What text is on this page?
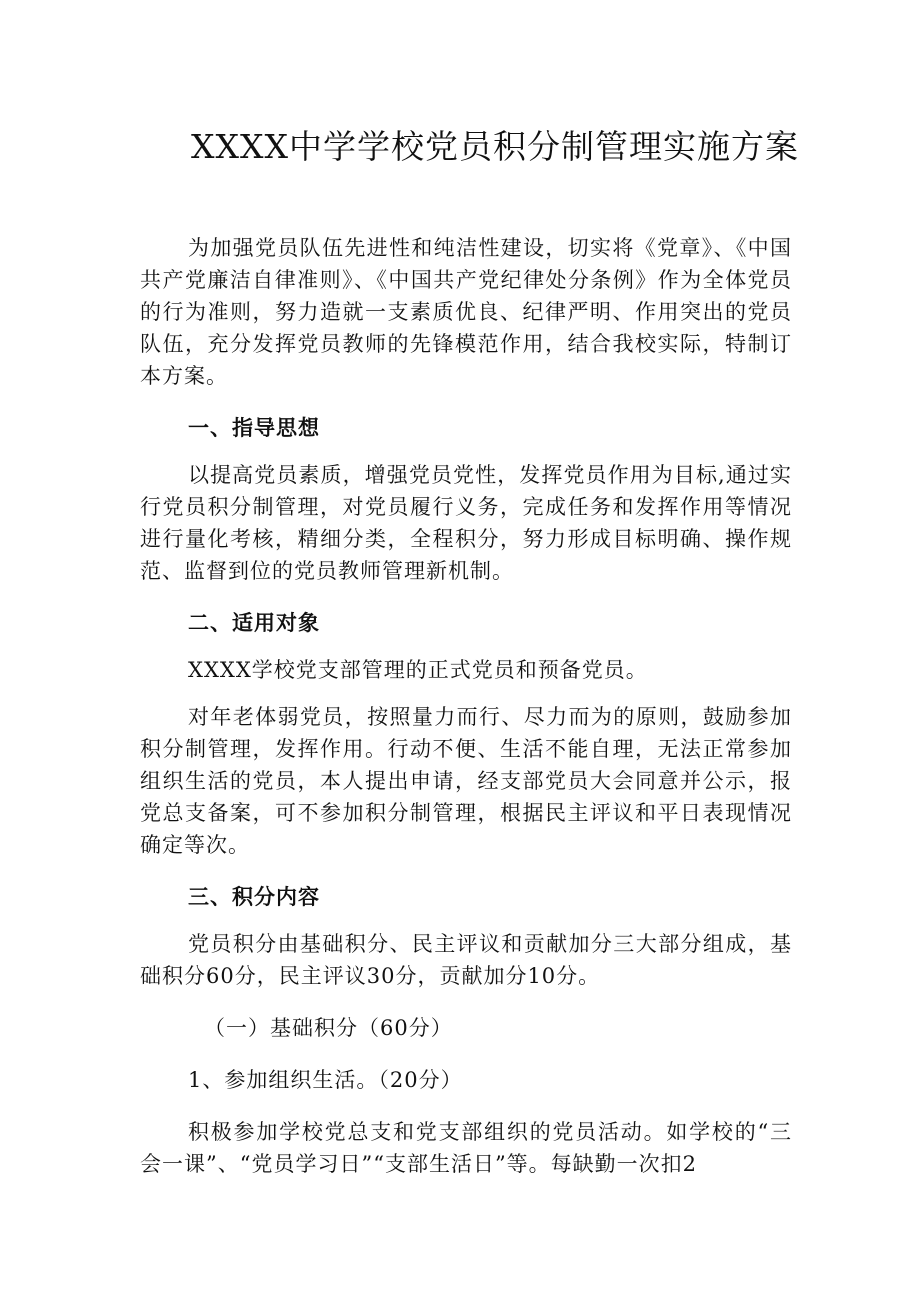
XXXX中学学校党员积分制管理实施方案

为加强党员队伍先进性和纯洁性建设，切实将《党章》、《中国共产党廉洁自律准则》、《中国共产党纪律处分条例》作为全体党员的行为准则，努力造就一支素质优良、纪律严明、作用突出的党员队伍，充分发挥党员教师的先锋模范作用，结合我校实际，特制订本方案。

一、指导思想

以提高党员素质，增强党员党性，发挥党员作用为目标,通过实行党员积分制管理，对党员履行义务，完成任务和发挥作用等情况进行量化考核，精细分类，全程积分，努力形成目标明确、操作规范、监督到位的党员教师管理新机制。

二、适用对象

XXXX学校党支部管理的正式党员和预备党员。

对年老体弱党员，按照量力而行、尽力而为的原则，鼓励参加积分制管理，发挥作用。行动不便、生活不能自理，无法正常参加组织生活的党员，本人提出申请，经支部党员大会同意并公示，报党总支备案，可不参加积分制管理，根据民主评议和平日表现情况确定等次。

三、积分内容

党员积分由基础积分、民主评议和贡献加分三大部分组成，基础积分60分，民主评议30分，贡献加分10分。

（一）基础积分（60分）

1、参加组织生活。（20分）

积极参加学校党总支和党支部组织的党员活动。如学校的“三会一课”、“党员学习日”“支部生活日”等。每缺勤一次扣2
